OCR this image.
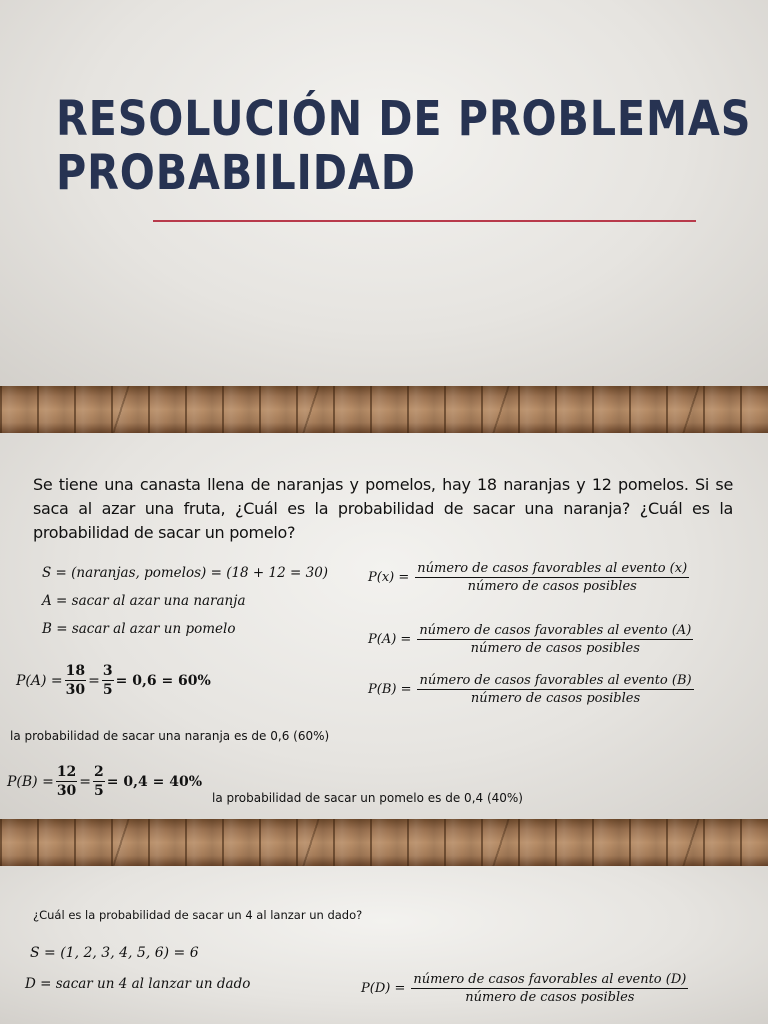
RESOLUCIÓN DE PROBLEMAS
PROBABILIDAD

Se tiene una canasta llena de naranjas y pomelos, hay 18 naranjas y 12 pomelos. Si se saca al azar una fruta, ¿Cuál es la probabilidad de sacar una naranja? ¿Cuál es la probabilidad de sacar un pomelo?

S = (naranjas, pomelos) = (18 + 12 = 30)

A = sacar al azar una naranja

B = sacar al azar un pomelo

$P(x) = \frac{\text{número de casos favorables al evento (x)}}{\text{número de casos posibles}}$
$P(A) = \frac{\text{número de casos favorables al evento (A)}}{\text{número de casos posibles}}$
$P(B) = \frac{\text{número de casos favorables al evento (B)}}{\text{número de casos posibles}}$
$P(A) = \frac{18}{30} = \frac{3}{5} = 0,6 = 60\%$

la probabilidad de sacar una naranja es de 0,6 (60%)

$P(B) = \frac{12}{30} = \frac{2}{5} = 0,4 = 40\%$

la probabilidad de sacar un pomelo es de 0,4 (40%)

¿Cuál es la probabilidad de sacar un 4 al lanzar un dado?

S = (1, 2, 3, 4, 5, 6) = 6

D = sacar un 4 al lanzar un dado	$P(D) = \frac{\text{número de casos favorables al evento (D)}}{\text{número de casos posibles}}$
